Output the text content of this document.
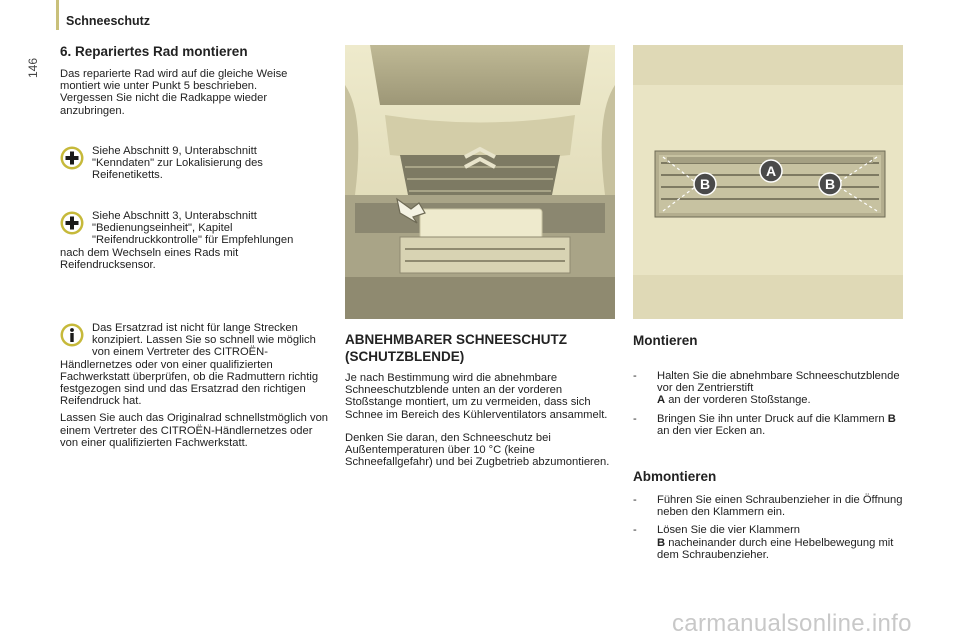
Schneeschutz
146
6. Repariertes Rad montieren
Das reparierte Rad wird auf die gleiche Weise montiert wie unter Punkt 5 beschrieben. Vergessen Sie nicht die Radkappe wieder anzubringen.

Siehe Abschnitt 9, Unterabschnitt "Kenndaten" zur Lokalisierung des Reifenetiketts.

Siehe Abschnitt 3, Unterabschnitt "Bedienungseinheit", Kapitel "Reifendruckkontrolle" für Empfehlungen nach dem Wechseln eines Rads mit Reifendrucksensor.

Das Ersatzrad ist nicht für lange Strecken konzipiert. Lassen Sie so schnell wie möglich von einem Vertreter des CITROËN-Händlernetzes oder von einer qualifizierten Fachwerkstatt überprüfen, ob die Radmuttern richtig festgezogen sind und das Ersatzrad den richtigen Reifendruck hat.

Lassen Sie auch das Originalrad schnellstmöglich von einem Vertreter des CITROËN-Händlernetzes oder von einer qualifizierten Fachwerkstatt.

ABNEHMBARER SCHNEESCHUTZ
(SCHUTZBLENDE)
Je nach Bestimmung wird die abnehmbare Schneeschutzblende unten an der vorderen Stoßstange montiert, um zu vermeiden, dass sich Schnee im Bereich des Kühlerventilators ansammelt.
Denken Sie daran, den Schneeschutz bei Außentemperaturen über 10 °C (keine Schneefallgefahr) und bei Zugbetrieb abzumontieren.
A
B	B
Montieren
-	Halten Sie die abnehmbare Schneeschutzblende vor den Zentrierstift
A an der vorderen Stoßstange.
-	Bringen Sie ihn unter Druck auf die Klammern B an den vier Ecken an.
Abmontieren
-	Führen Sie einen Schraubenzieher in die Öffnung neben den Klammern ein.
-	Lösen Sie die vier Klammern
B nacheinander durch eine Hebelbewegung mit dem Schraubenzieher.
carmanualsonline.info
